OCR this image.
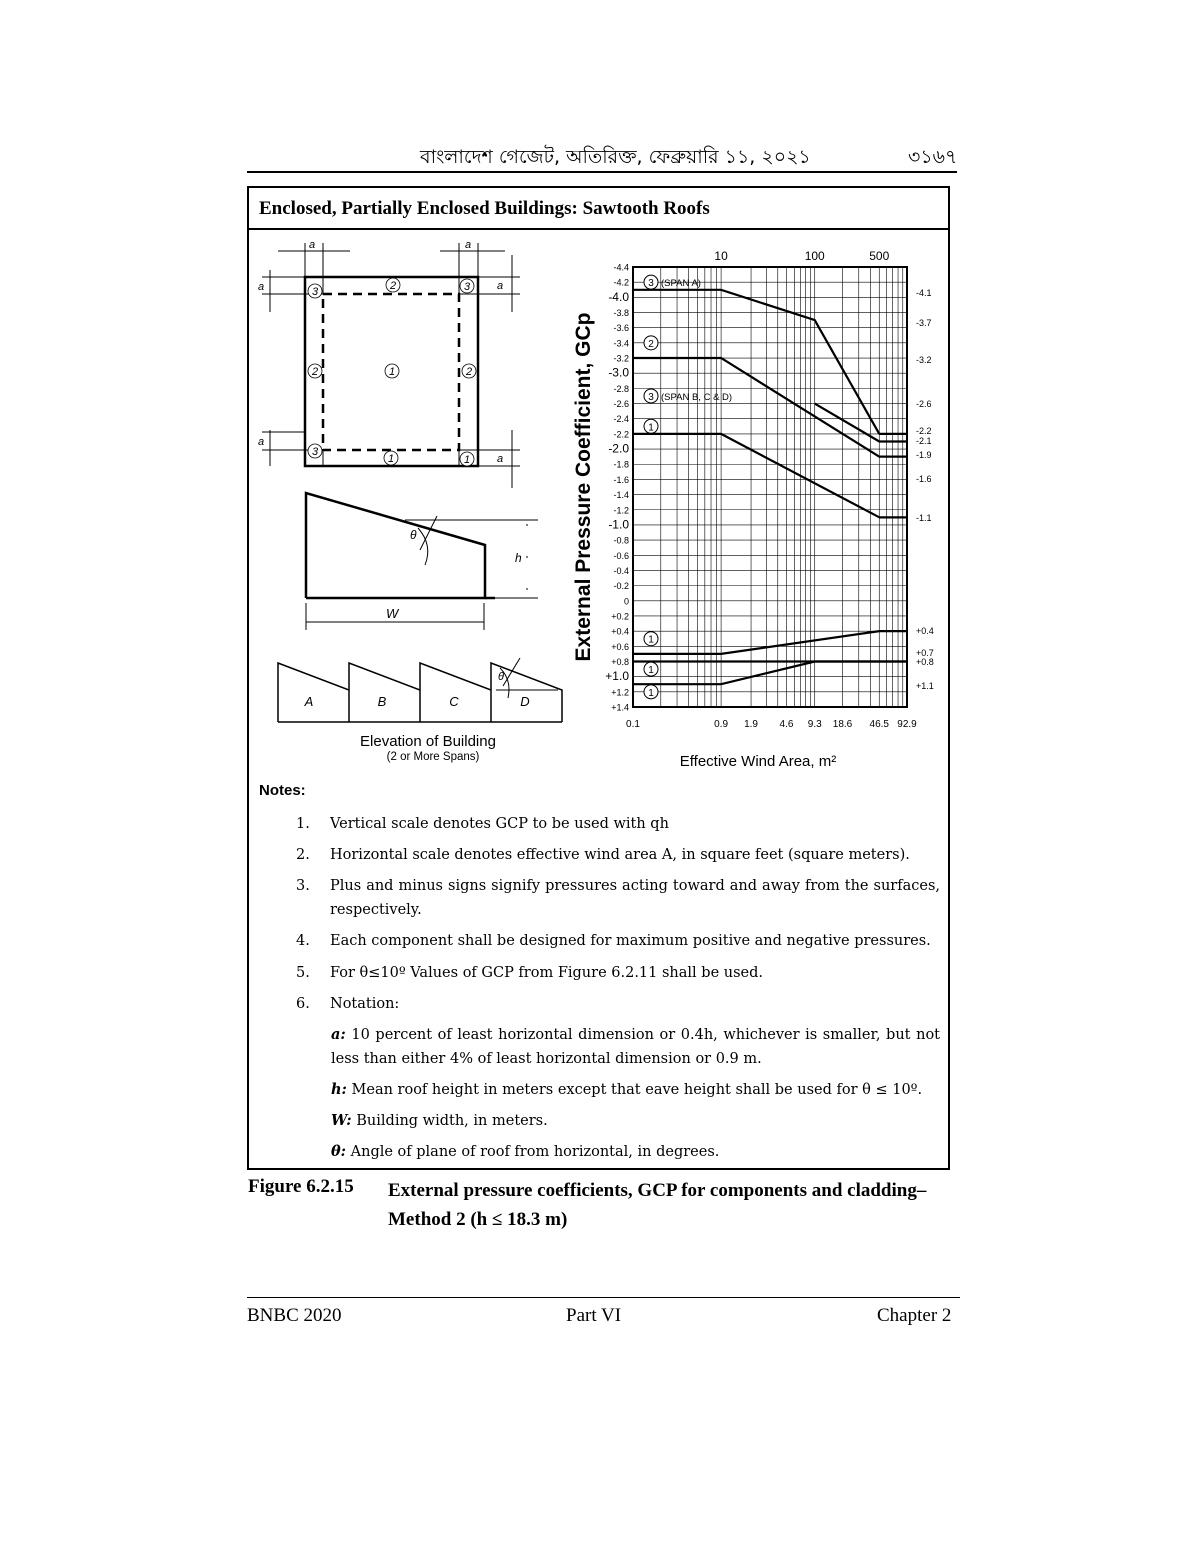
বাংলাদেশ গেজেট, অতিরিক্ত, ফেব্রুয়ারি ১১, ২০২১	৩১৬৭
Enclosed, Partially Enclosed Buildings: Sawtooth Roofs
a	a
a
a
a
a
3	2	3
2	1	2
3
1	1
θ
h
W
A	B	C	D
θ
Elevation of Building
(2 or More Spans)
-4.4
-4.2
-4.0
-3.8
-3.6
-3.4
-3.2
-3.0
-2.8
-2.6
-2.4
-2.2
-2.0
-1.8
-1.6
-1.4
-1.2
-1.0
-0.8
-0.6
-0.4
-0.2
0
+0.2
+0.4
+0.6
+0.8
+1.0
+1.2
+1.4
0.1	0.9 1.9 4.6 9.3 18.6 46.5 92.9
10	100	500
-4.1
-3.7
-3.2
-2.6
-2.2
-2.1
-1.9
-1.6
-1.1
+0.4
+0.7
+0.8
+1.1
3 (SPAN A)
2
3 (SPAN B, C & D)
1
1
1
1
External Pressure Coefficient, GCp
Effective Wind Area, m²
Notes:
1. Vertical scale denotes GCP to be used with qh
2. Horizontal scale denotes effective wind area A, in square feet (square meters).
3. Plus and minus signs signify pressures acting toward and away from the surfaces, respectively.
4. Each component shall be designed for maximum positive and negative pressures.
5. For θ≤10º Values of GCP from Figure 6.2.11 shall be used.
6. Notation:
a: 10 percent of least horizontal dimension or 0.4h, whichever is smaller, but not less than either 4% of least horizontal dimension or 0.9 m.
h: Mean roof height in meters except that eave height shall be used for θ ≤ 10º.
W: Building width, in meters.
θ: Angle of plane of roof from horizontal, in degrees.
Figure 6.2.15 External pressure coefficients, GCP for components and cladding– Method 2 (h ≤ 18.3 m)
BNBC 2020	Part VI	Chapter 2
